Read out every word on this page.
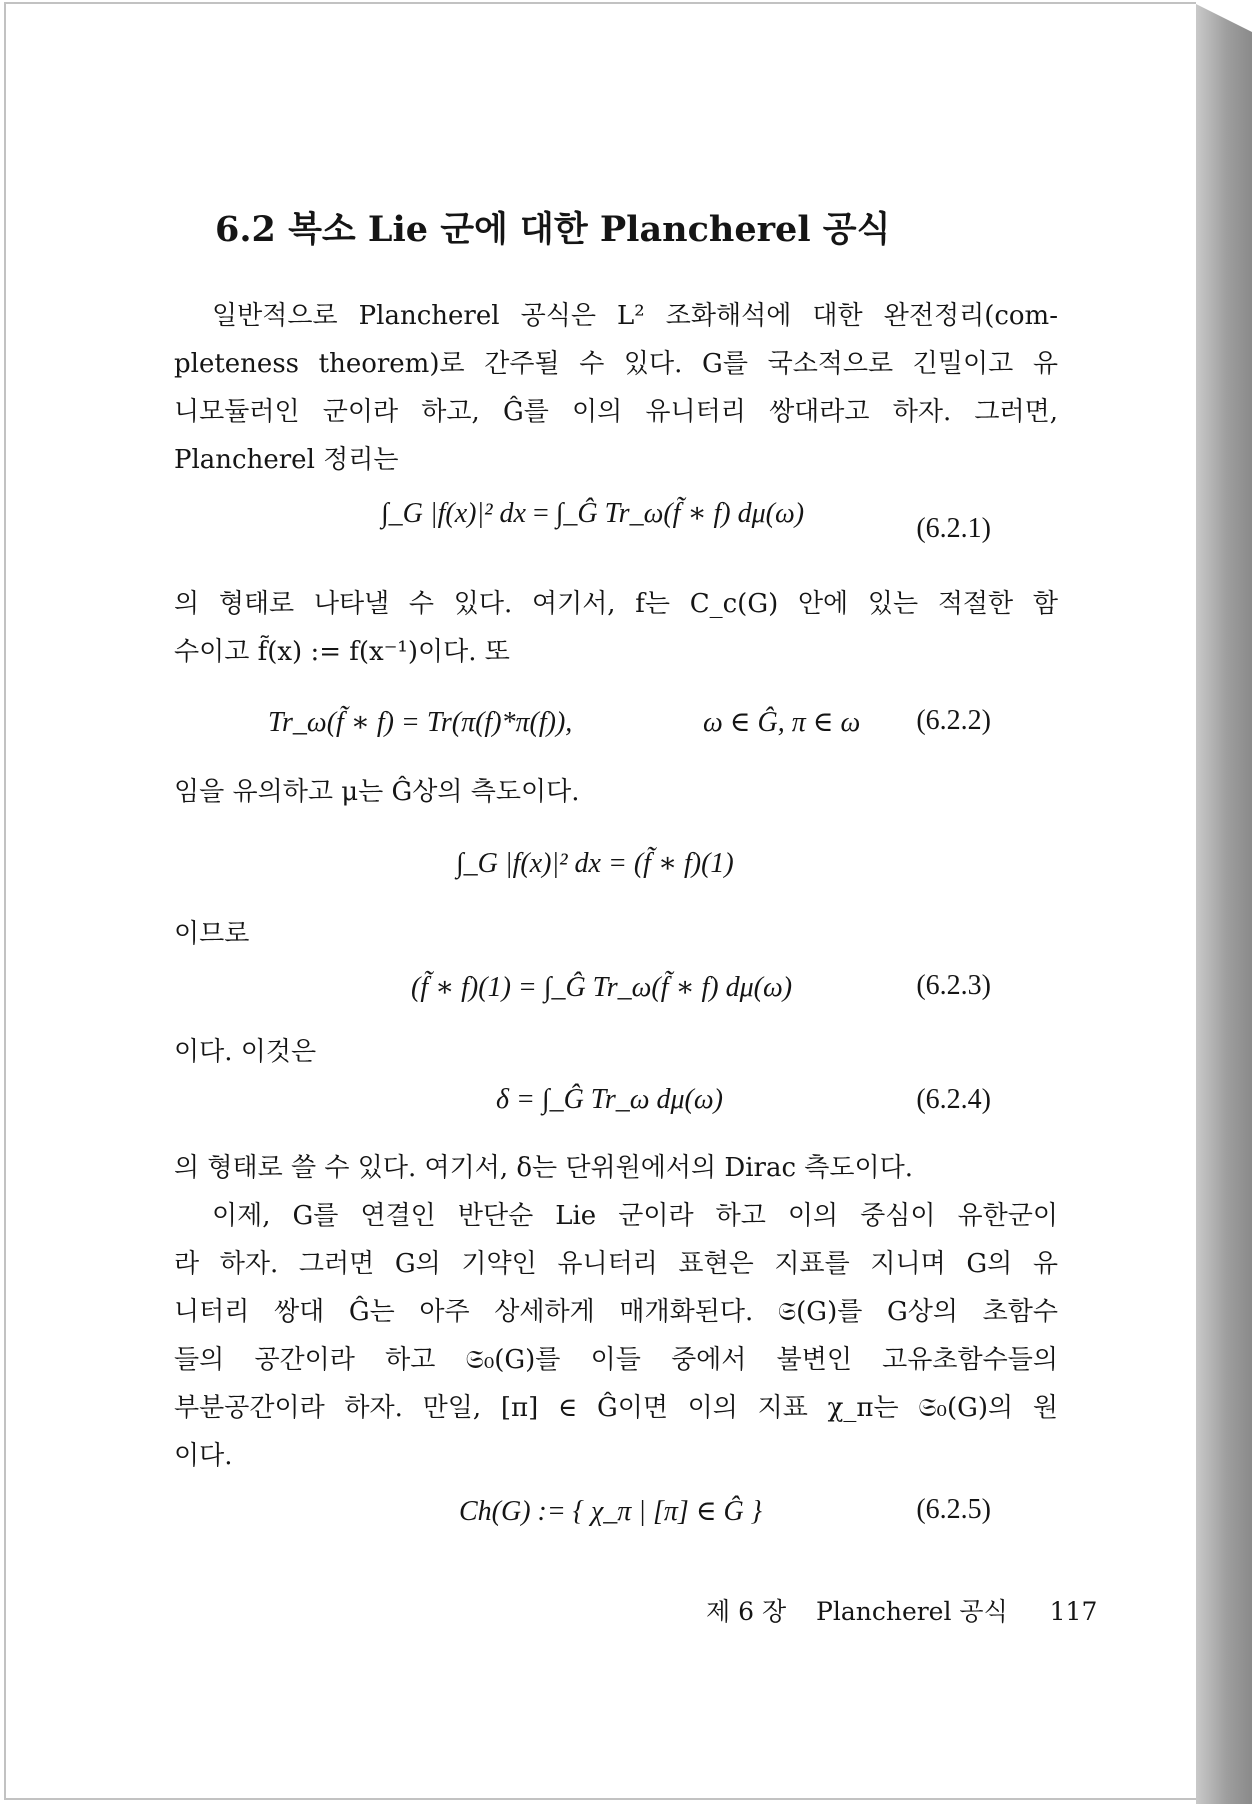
6.2 복소 Lie 군에 대한 Plancherel 공식
일반적으로 Plancherel 공식은 L² 조화해석에 대한 완전정리(com-
pleteness theorem)로 간주될 수 있다. G를 국소적으로 긴밀이고 유
니모듈러인 군이라 하고, Ĝ를 이의 유니터리 쌍대라고 하자. 그러면,
Plancherel 정리는
∫_G |f(x)|² dx = ∫_Ĝ Tr_ω(f̃ ∗ f) dμ(ω)	(6.2.1)
의 형태로 나타낼 수 있다. 여기서, f는 C_c(G) 안에 있는 적절한 함
수이고 f̃(x) := f(x⁻¹)이다. 또
Tr_ω(f̃ ∗ f) = Tr(π(f)*π(f)),	ω ∈ Ĝ, π ∈ ω (6.2.2)
임을 유의하고 μ는 Ĝ상의 측도이다.
∫_G |f(x)|² dx = (f̃ ∗ f)(1)
이므로
(f̃ ∗ f)(1) = ∫_Ĝ Tr_ω(f̃ ∗ f) dμ(ω)	(6.2.3)
이다. 이것은
δ = ∫_Ĝ Tr_ω dμ(ω)	(6.2.4)
의 형태로 쓸 수 있다. 여기서, δ는 단위원에서의 Dirac 측도이다.
이제, G를 연결인 반단순 Lie 군이라 하고 이의 중심이 유한군이
라 하자. 그러면 G의 기약인 유니터리 표현은 지표를 지니며 G의 유
니터리 쌍대 Ĝ는 아주 상세하게 매개화된다. 𝔖(G)를 G상의 초함수
들의 공간이라 하고 𝔖₀(G)를 이들 중에서 불변인 고유초함수들의
부분공간이라 하자. 만일, [π] ∈ Ĝ이면 이의 지표 χ_π는 𝔖₀(G)의 원
이다.
Ch(G) := { χ_π | [π] ∈ Ĝ }	(6.2.5)
제 6 장 Plancherel 공식 117
